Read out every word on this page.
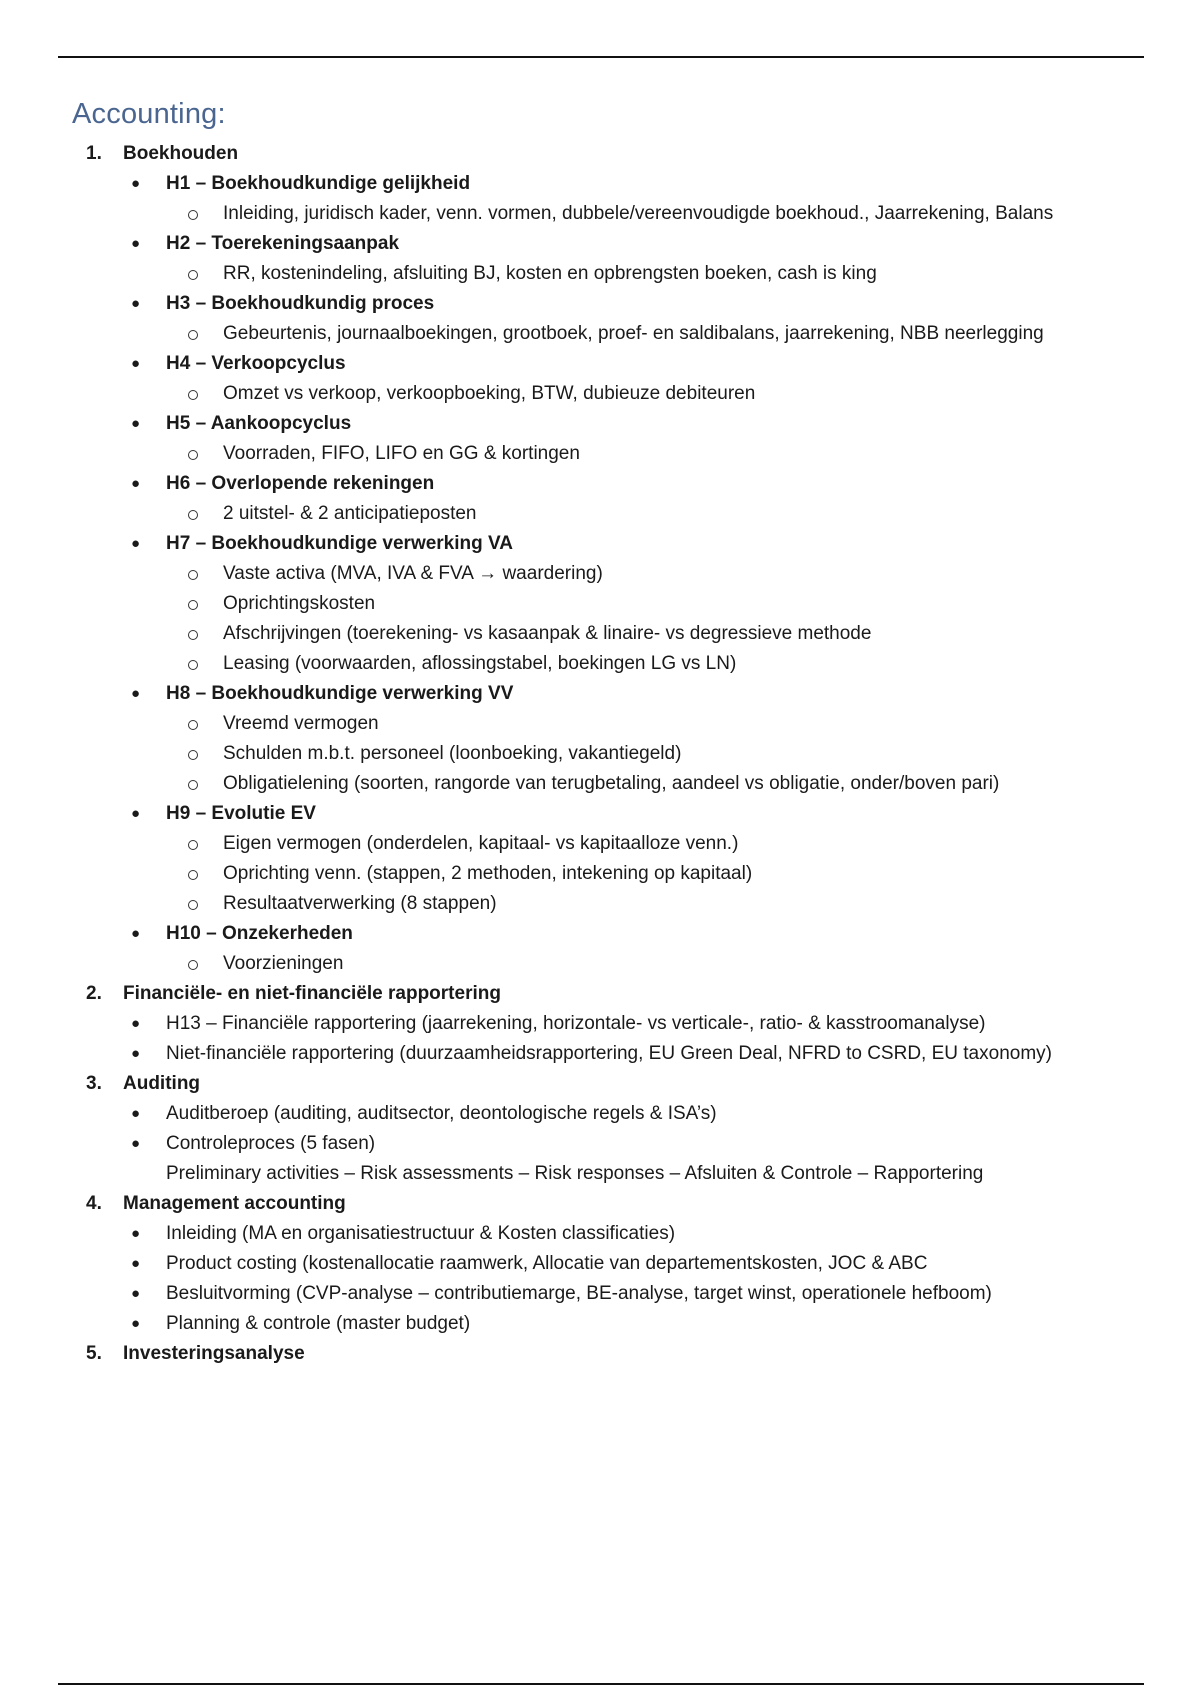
Accounting:
1. Boekhouden
● H1 – Boekhoudkundige gelijkheid
Inleiding, juridisch kader, venn. vormen, dubbele/vereenvoudigde boekhoud., Jaarrekening, Balans
● H2 – Toerekeningsaanpak
RR, kostenindeling, afsluiting BJ, kosten en opbrengsten boeken, cash is king
● H3 – Boekhoudkundig proces
Gebeurtenis, journaalboekingen, grootboek, proef- en saldibalans, jaarrekening, NBB neerlegging
● H4 – Verkoopcyclus
Omzet vs verkoop, verkoopboeking, BTW, dubieuze debiteuren
● H5 – Aankoopcyclus
Voorraden, FIFO, LIFO en GG & kortingen
● H6 – Overlopende rekeningen
2 uitstel- & 2 anticipatieposten
● H7 – Boekhoudkundige verwerking VA
Vaste activa (MVA, IVA & FVA → waardering)
Oprichtingskosten
Afschrijvingen (toerekening- vs kasaanpak & linaire- vs degressieve methode
Leasing (voorwaarden, aflossingstabel, boekingen LG vs LN)
● H8 – Boekhoudkundige verwerking VV
Vreemd vermogen
Schulden m.b.t. personeel (loonboeking, vakantiegeld)
Obligatielening (soorten, rangorde van terugbetaling, aandeel vs obligatie, onder/boven pari)
● H9 – Evolutie EV
Eigen vermogen (onderdelen, kapitaal- vs kapitaalloze venn.)
Oprichting venn. (stappen, 2 methoden, intekening op kapitaal)
Resultaatverwerking (8 stappen)
● H10 – Onzekerheden
Voorzieningen
2. Financiële- en niet-financiële rapportering
● H13 – Financiële rapportering (jaarrekening, horizontale- vs verticale-, ratio- & kasstroomanalyse)
● Niet-financiële rapportering (duurzaamheidsrapportering, EU Green Deal, NFRD to CSRD, EU taxonomy)
3. Auditing
● Auditberoep (auditing, auditsector, deontologische regels & ISA’s)
● Controleproces (5 fasen)
Preliminary activities – Risk assessments – Risk responses – Afsluiten & Controle – Rapportering
4. Management accounting
● Inleiding (MA en organisatiestructuur & Kosten classificaties)
● Product costing (kostenallocatie raamwerk, Allocatie van departementskosten, JOC & ABC
● Besluitvorming (CVP-analyse – contributiemarge, BE-analyse, target winst, operationele hefboom)
● Planning & controle (master budget)
5. Investeringsanalyse
